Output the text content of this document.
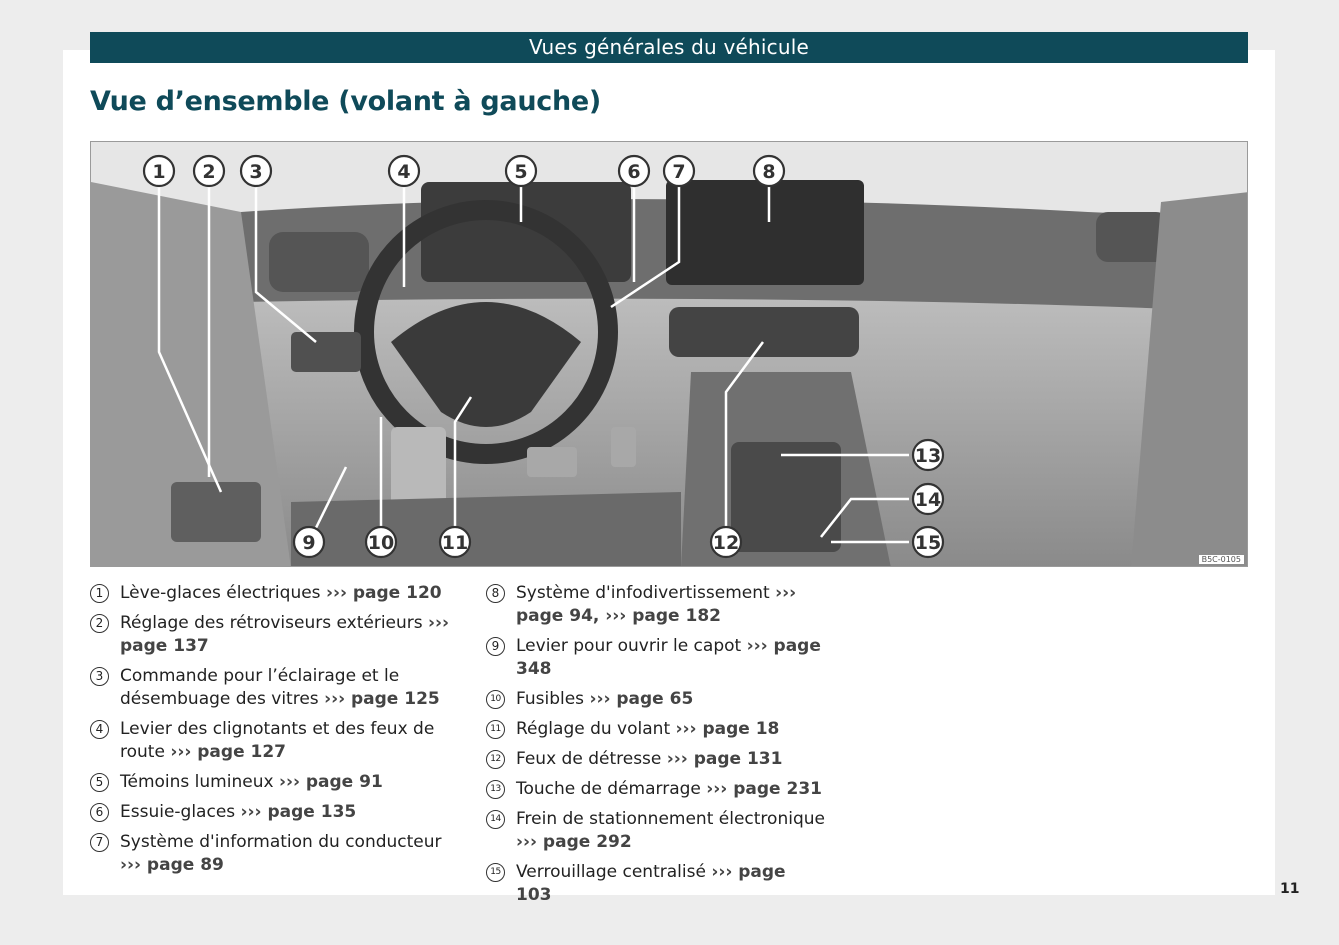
Vues générales du véhicule
Vue d’ensemble (volant à gauche)
1 2 3	4	5	6 7	8
9	10	11	12
13
14
15
B5C-0105
1 Lève-glaces électriques ››› page 120
2 Réglage des rétroviseurs extérieurs ››› page 137
3 Commande pour l’éclairage et le désembuage des vitres ››› page 125
4 Levier des clignotants et des feux de route ››› page 127
5 Témoins lumineux ››› page 91
6 Essuie-glaces ››› page 135
7 Système d'information du conducteur ››› page 89
8 Système d'infodivertissement ››› page 94, ››› page 182
9 Levier pour ouvrir le capot ››› page 348
10 Fusibles ››› page 65
11 Réglage du volant ››› page 18
12 Feux de détresse ››› page 131
13 Touche de démarrage ››› page 231
14 Frein de stationnement électronique ››› page 292
15 Verrouillage centralisé ››› page 103	11
